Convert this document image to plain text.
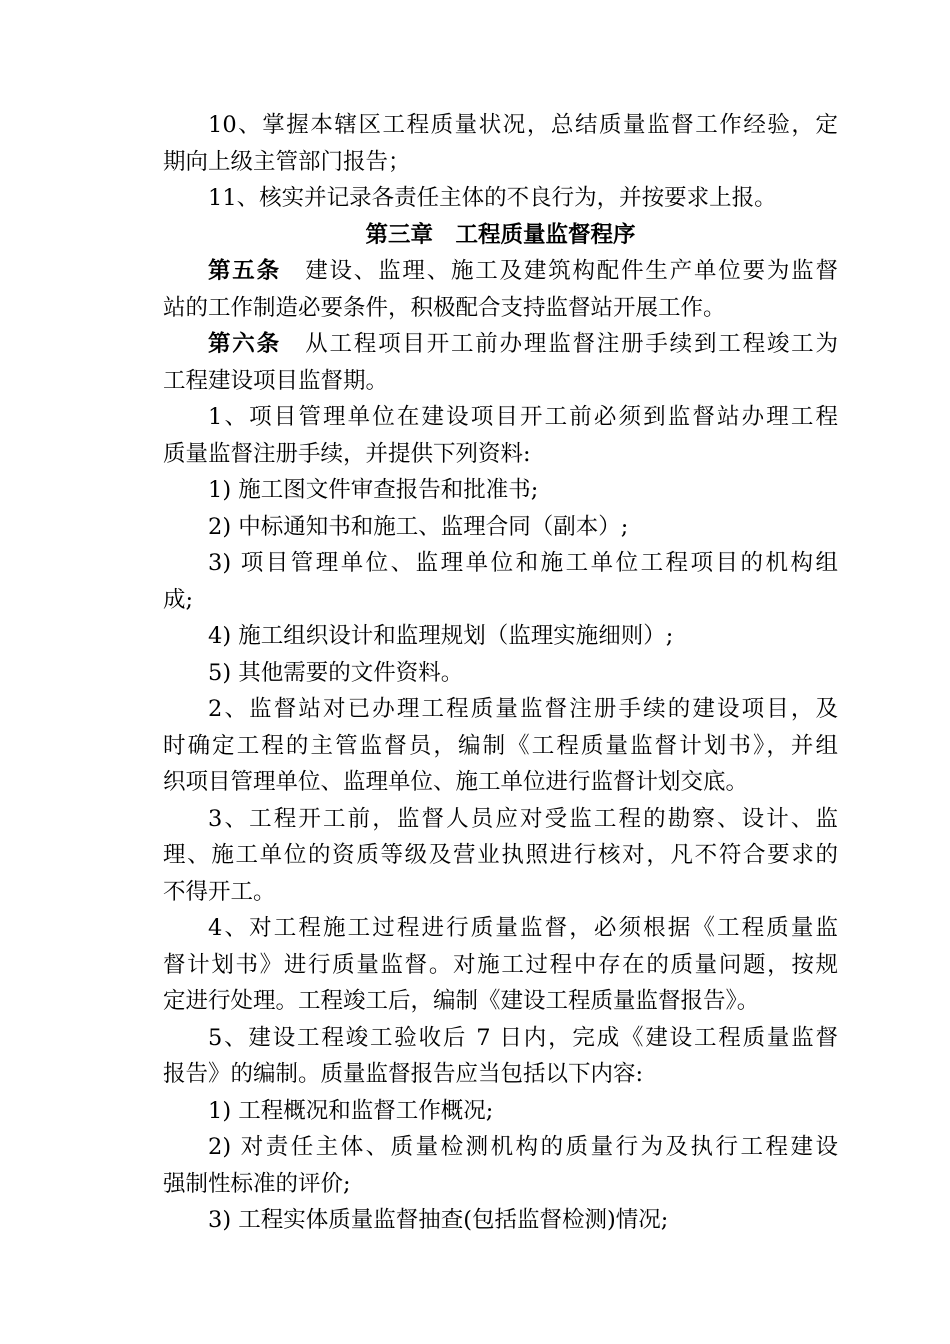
10、掌握本辖区工程质量状况，总结质量监督工作经验，定
期向上级主管部门报告；
11、核实并记录各责任主体的不良行为，并按要求上报。
第三章　工程质量监督程序
第五条　建设、监理、施工及建筑构配件生产单位要为监督
站的工作制造必要条件，积极配合支持监督站开展工作。
第六条　从工程项目开工前办理监督注册手续到工程竣工为
工程建设项目监督期。
1、项目管理单位在建设项目开工前必须到监督站办理工程
质量监督注册手续，并提供下列资料:
1) 施工图文件审查报告和批准书;
2) 中标通知书和施工、监理合同（副本）;
3) 项目管理单位、监理单位和施工单位工程项目的机构组
成;
4) 施工组织设计和监理规划（监理实施细则）;
5) 其他需要的文件资料。
2、监督站对已办理工程质量监督注册手续的建设项目，及
时确定工程的主管监督员，编制《工程质量监督计划书》，并组
织项目管理单位、监理单位、施工单位进行监督计划交底。
3、工程开工前，监督人员应对受监工程的勘察、设计、监
理、施工单位的资质等级及营业执照进行核对，凡不符合要求的
不得开工。
4、对工程施工过程进行质量监督，必须根据《工程质量监
督计划书》进行质量监督。对施工过程中存在的质量问题，按规
定进行处理。工程竣工后，编制《建设工程质量监督报告》。
5、建设工程竣工验收后 7 日内，完成《建设工程质量监督
报告》的编制。质量监督报告应当包括以下内容:
1) 工程概况和监督工作概况;
2) 对责任主体、质量检测机构的质量行为及执行工程建设
强制性标准的评价;
3) 工程实体质量监督抽查(包括监督检测)情况;
